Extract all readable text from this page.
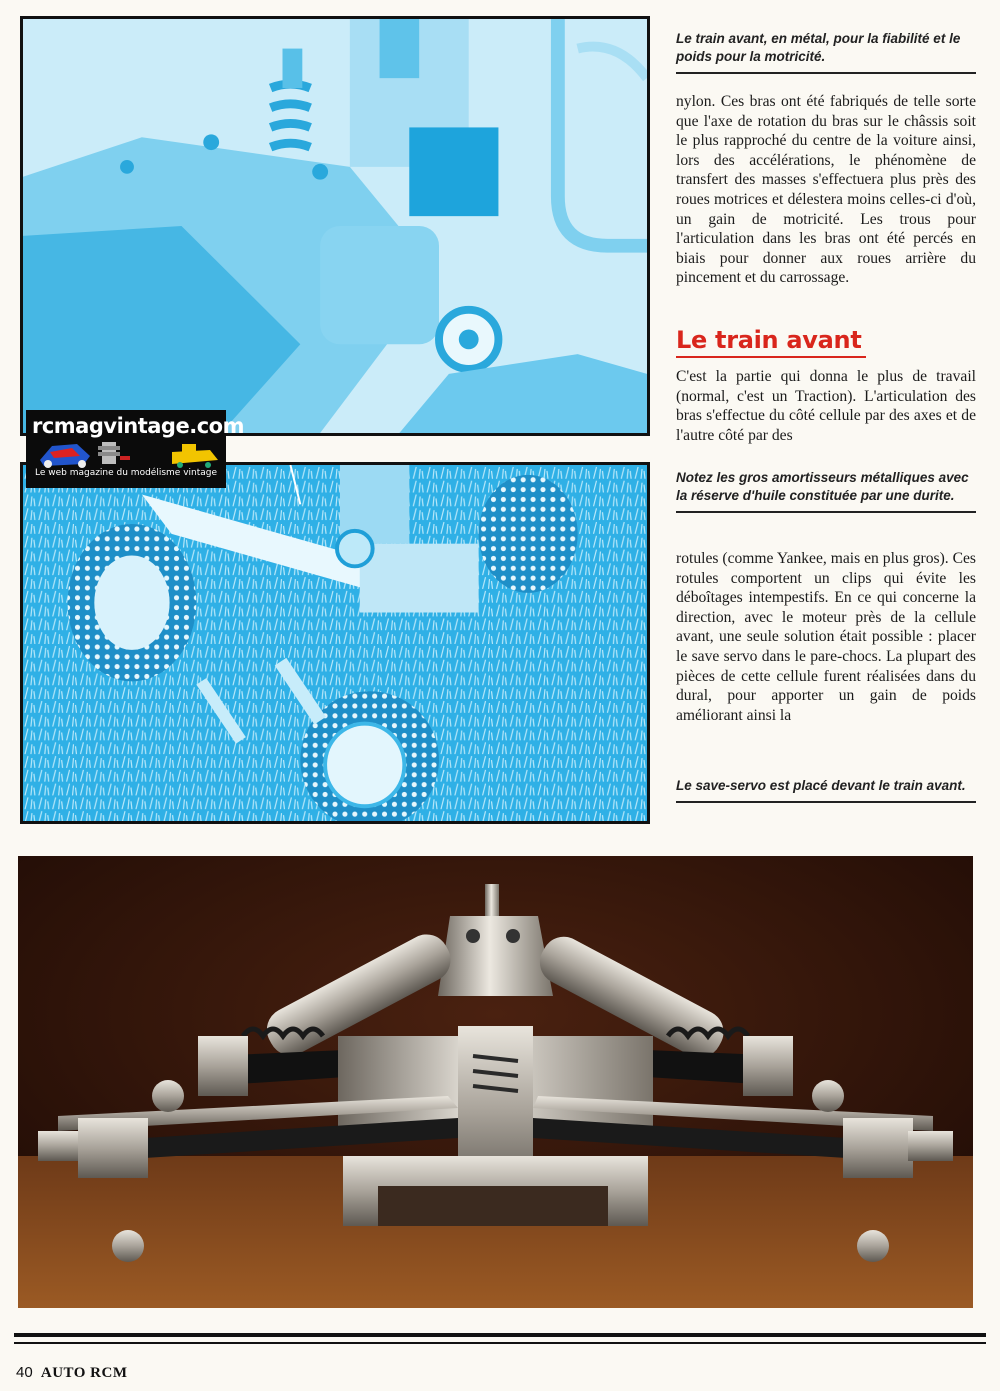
rcmagvintage.com
Le web magazine du modélisme vintage
Le train avant, en métal, pour la fiabilité et le poids pour la motricité.
nylon. Ces bras ont été fabriqués de telle sorte que l'axe de rotation du bras sur le châssis soit le plus rapproché du centre de la voiture ainsi, lors des accélérations, le phénomène de transfert des masses s'effectuera plus près des roues motrices et délestera moins celles-ci d'où, un gain de motricité. Les trous pour l'articulation dans les bras ont été percés en biais pour donner aux roues arrière du pincement et du carrossage.
Le train avant
C'est la partie qui donna le plus de travail (normal, c'est un Traction). L'articulation des bras s'effectue du côté cellule par des axes et de l'autre côté par des
Notez les gros amortisseurs métalliques avec la réserve d'huile constituée par une durite.
rotules (comme Yankee, mais en plus gros). Ces rotules comportent un clips qui évite les déboîtages intempestifs. En ce qui concerne la direction, avec le moteur près de la cellule avant, une seule solution était possible : placer le save servo dans le pare-chocs. La plupart des pièces de cette cellule furent réalisées dans du dural, pour apporter un gain de poids améliorant ainsi la
Le save-servo est placé devant le train avant.
40 AUTO RCM
